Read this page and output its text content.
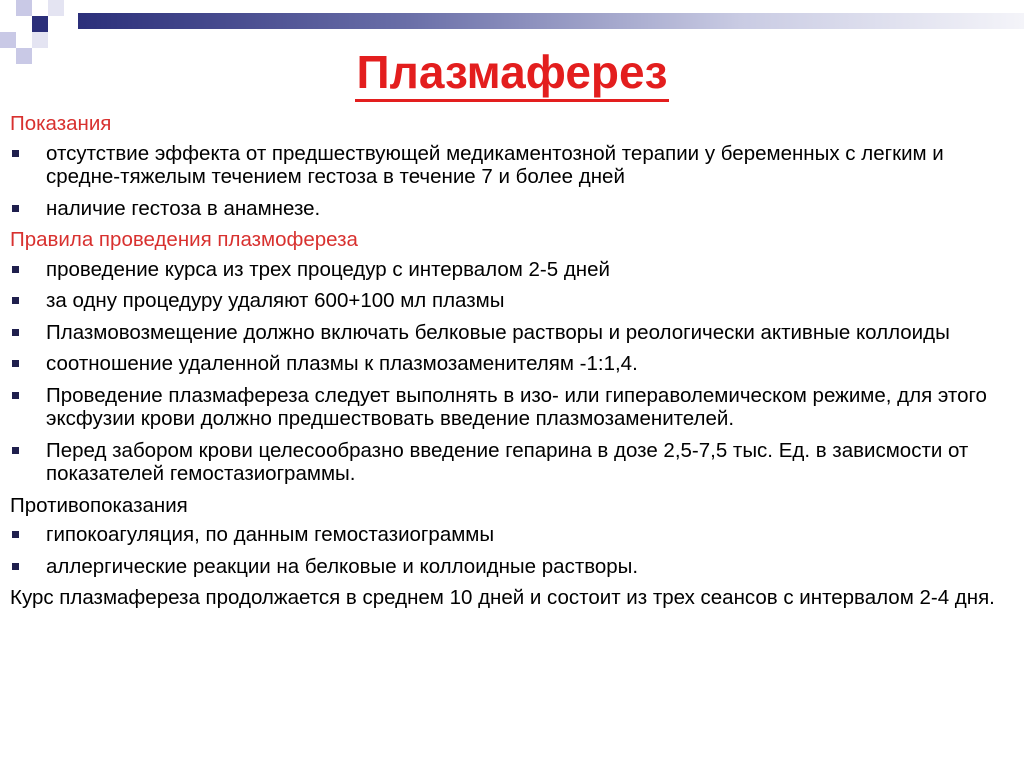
Плазмаферез
Показания
отсутствие эффекта от предшествующей медикаментозной терапии у беременных с легким и средне-тяжелым течением гестоза в течение 7 и более дней
наличие гестоза в анамнезе.
Правила проведения плазмофереза
проведение курса из трех процедур с интервалом 2-5 дней
за одну процедуру удаляют 600+100 мл плазмы
Плазмовозмещение должно включать белковые растворы и реологически активные коллоиды
соотношение удаленной плазмы к плазмозаменителям -1:1,4.
Проведение плазмафереза следует выполнять в изо- или гипераволемическом режиме, для этого эксфузии крови должно предшествовать введение плазмозаменителей.
Перед забором крови целесообразно введение гепарина в дозе 2,5-7,5 тыс. Ед. в зависмости от показателей гемостазиограммы.
Противопоказания
гипокоагуляция, по данным гемостазиограммы
аллергические реакции на белковые и коллоидные растворы.

Курс плазмафереза продолжается в среднем 10 дней и состоит из трех сеансов с интервалом 2-4 дня.
